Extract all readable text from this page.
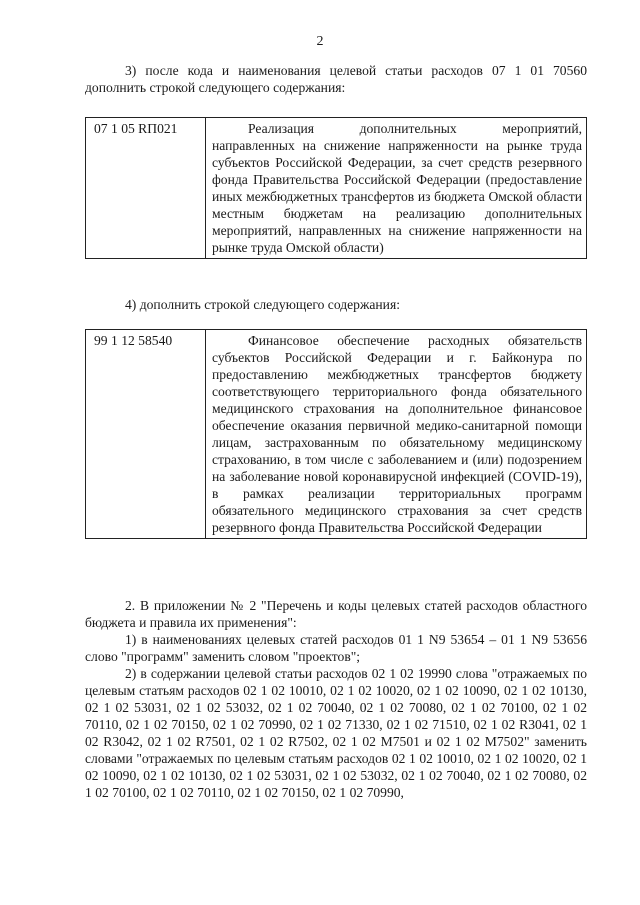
2

3) после кода и наименования целевой статьи расходов 07 1 01 70560 дополнить строкой следующего содержания:

07 1 05 RП021	Реализация дополнительных мероприятий, направленных на снижение напряженности на рынке труда субъектов Российской Федерации, за счет средств резервного фонда Правительства Российской Федерации (предоставление иных межбюджетных трансфертов из бюджета Омской области местным бюджетам на реализацию дополнительных мероприятий, направленных на снижение напряженности на рынке труда Омской области)

4) дополнить строкой следующего содержания:

99 1 12 58540	Финансовое обеспечение расходных обязательств субъектов Российской Федерации и г. Байконура по предоставлению межбюджетных трансфертов бюджету соответствующего территориального фонда обязательного медицинского страхования на дополнительное финансовое обеспечение оказания первичной медико-санитарной помощи лицам, застрахованным по обязательному медицинскому страхованию, в том числе с заболеванием и (или) подозрением на заболевание новой коронавирусной инфекцией (COVID-19), в рамках реализации территориальных программ обязательного медицинского страхования за счет средств резервного фонда Правительства Российской Федерации

2. В приложении № 2 "Перечень и коды целевых статей расходов областного бюджета и правила их применения":

1) в наименованиях целевых статей расходов 01 1 N9 53654 – 01 1 N9 53656 слово "программ" заменить словом "проектов";

2) в содержании целевой статьи расходов 02 1 02 19990 слова "отражаемых по целевым статьям расходов 02 1 02 10010, 02 1 02 10020, 02 1 02 10090, 02 1 02 10130, 02 1 02 53031, 02 1 02 53032, 02 1 02 70040, 02 1 02 70080, 02 1 02 70100, 02 1 02 70110, 02 1 02 70150, 02 1 02 70990, 02 1 02 71330, 02 1 02 71510, 02 1 02 R3041, 02 1 02 R3042, 02 1 02 R7501, 02 1 02 R7502, 02 1 02 M7501 и 02 1 02 M7502" заменить словами "отражаемых по целевым статьям расходов 02 1 02 10010, 02 1 02 10020, 02 1 02 10090, 02 1 02 10130, 02 1 02 53031, 02 1 02 53032, 02 1 02 70040, 02 1 02 70080, 02 1 02 70100, 02 1 02 70110, 02 1 02 70150, 02 1 02 70990,
